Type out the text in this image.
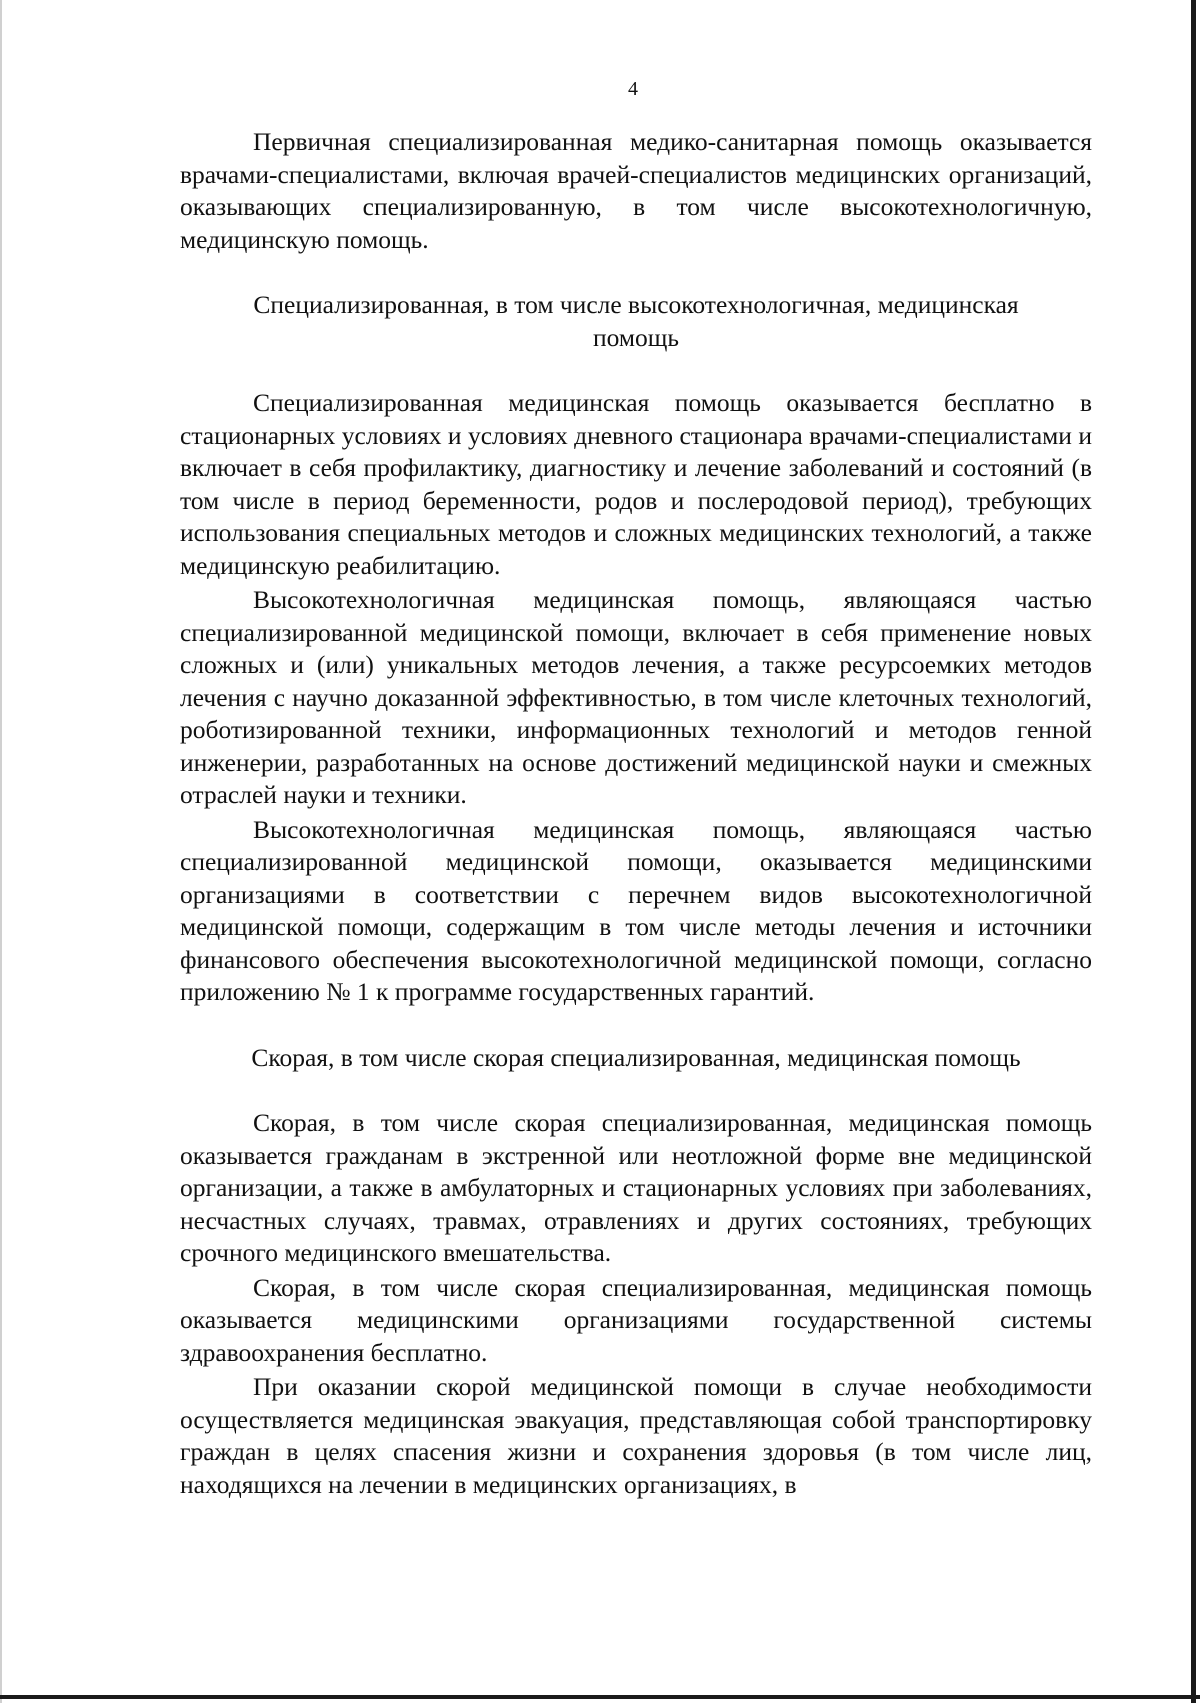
4

Первичная специализированная медико-санитарная помощь оказывается врачами-специалистами, включая врачей-специалистов медицинских организаций, оказывающих специализированную, в том числе высокотехнологичную, медицинскую помощь.

Специализированная, в том числе высокотехнологичная, медицинская помощь

Специализированная медицинская помощь оказывается бесплатно в стационарных условиях и условиях дневного стационара врачами-специалистами и включает в себя профилактику, диагностику и лечение заболеваний и состояний (в том числе в период беременности, родов и послеродовой период), требующих использования специальных методов и сложных медицинских технологий, а также медицинскую реабилитацию.

Высокотехнологичная медицинская помощь, являющаяся частью специализированной медицинской помощи, включает в себя применение новых сложных и (или) уникальных методов лечения, а также ресурсоемких методов лечения с научно доказанной эффективностью, в том числе клеточных технологий, роботизированной техники, информационных технологий и методов генной инженерии, разработанных на основе достижений медицинской науки и смежных отраслей науки и техники.

Высокотехнологичная медицинская помощь, являющаяся частью специализированной медицинской помощи, оказывается медицинскими организациями в соответствии с перечнем видов высокотехнологичной медицинской помощи, содержащим в том числе методы лечения и источники финансового обеспечения высокотехнологичной медицинской помощи, согласно приложению № 1 к программе государственных гарантий.

Скорая, в том числе скорая специализированная, медицинская помощь

Скорая, в том числе скорая специализированная, медицинская помощь оказывается гражданам в экстренной или неотложной форме вне медицинской организации, а также в амбулаторных и стационарных условиях при заболеваниях, несчастных случаях, травмах, отравлениях и других состояниях, требующих срочного медицинского вмешательства.

Скорая, в том числе скорая специализированная, медицинская помощь оказывается медицинскими организациями государственной системы здравоохранения бесплатно.

При оказании скорой медицинской помощи в случае необходимости осуществляется медицинская эвакуация, представляющая собой транспортировку граждан в целях спасения жизни и сохранения здоровья (в том числе лиц, находящихся на лечении в медицинских организациях, в
